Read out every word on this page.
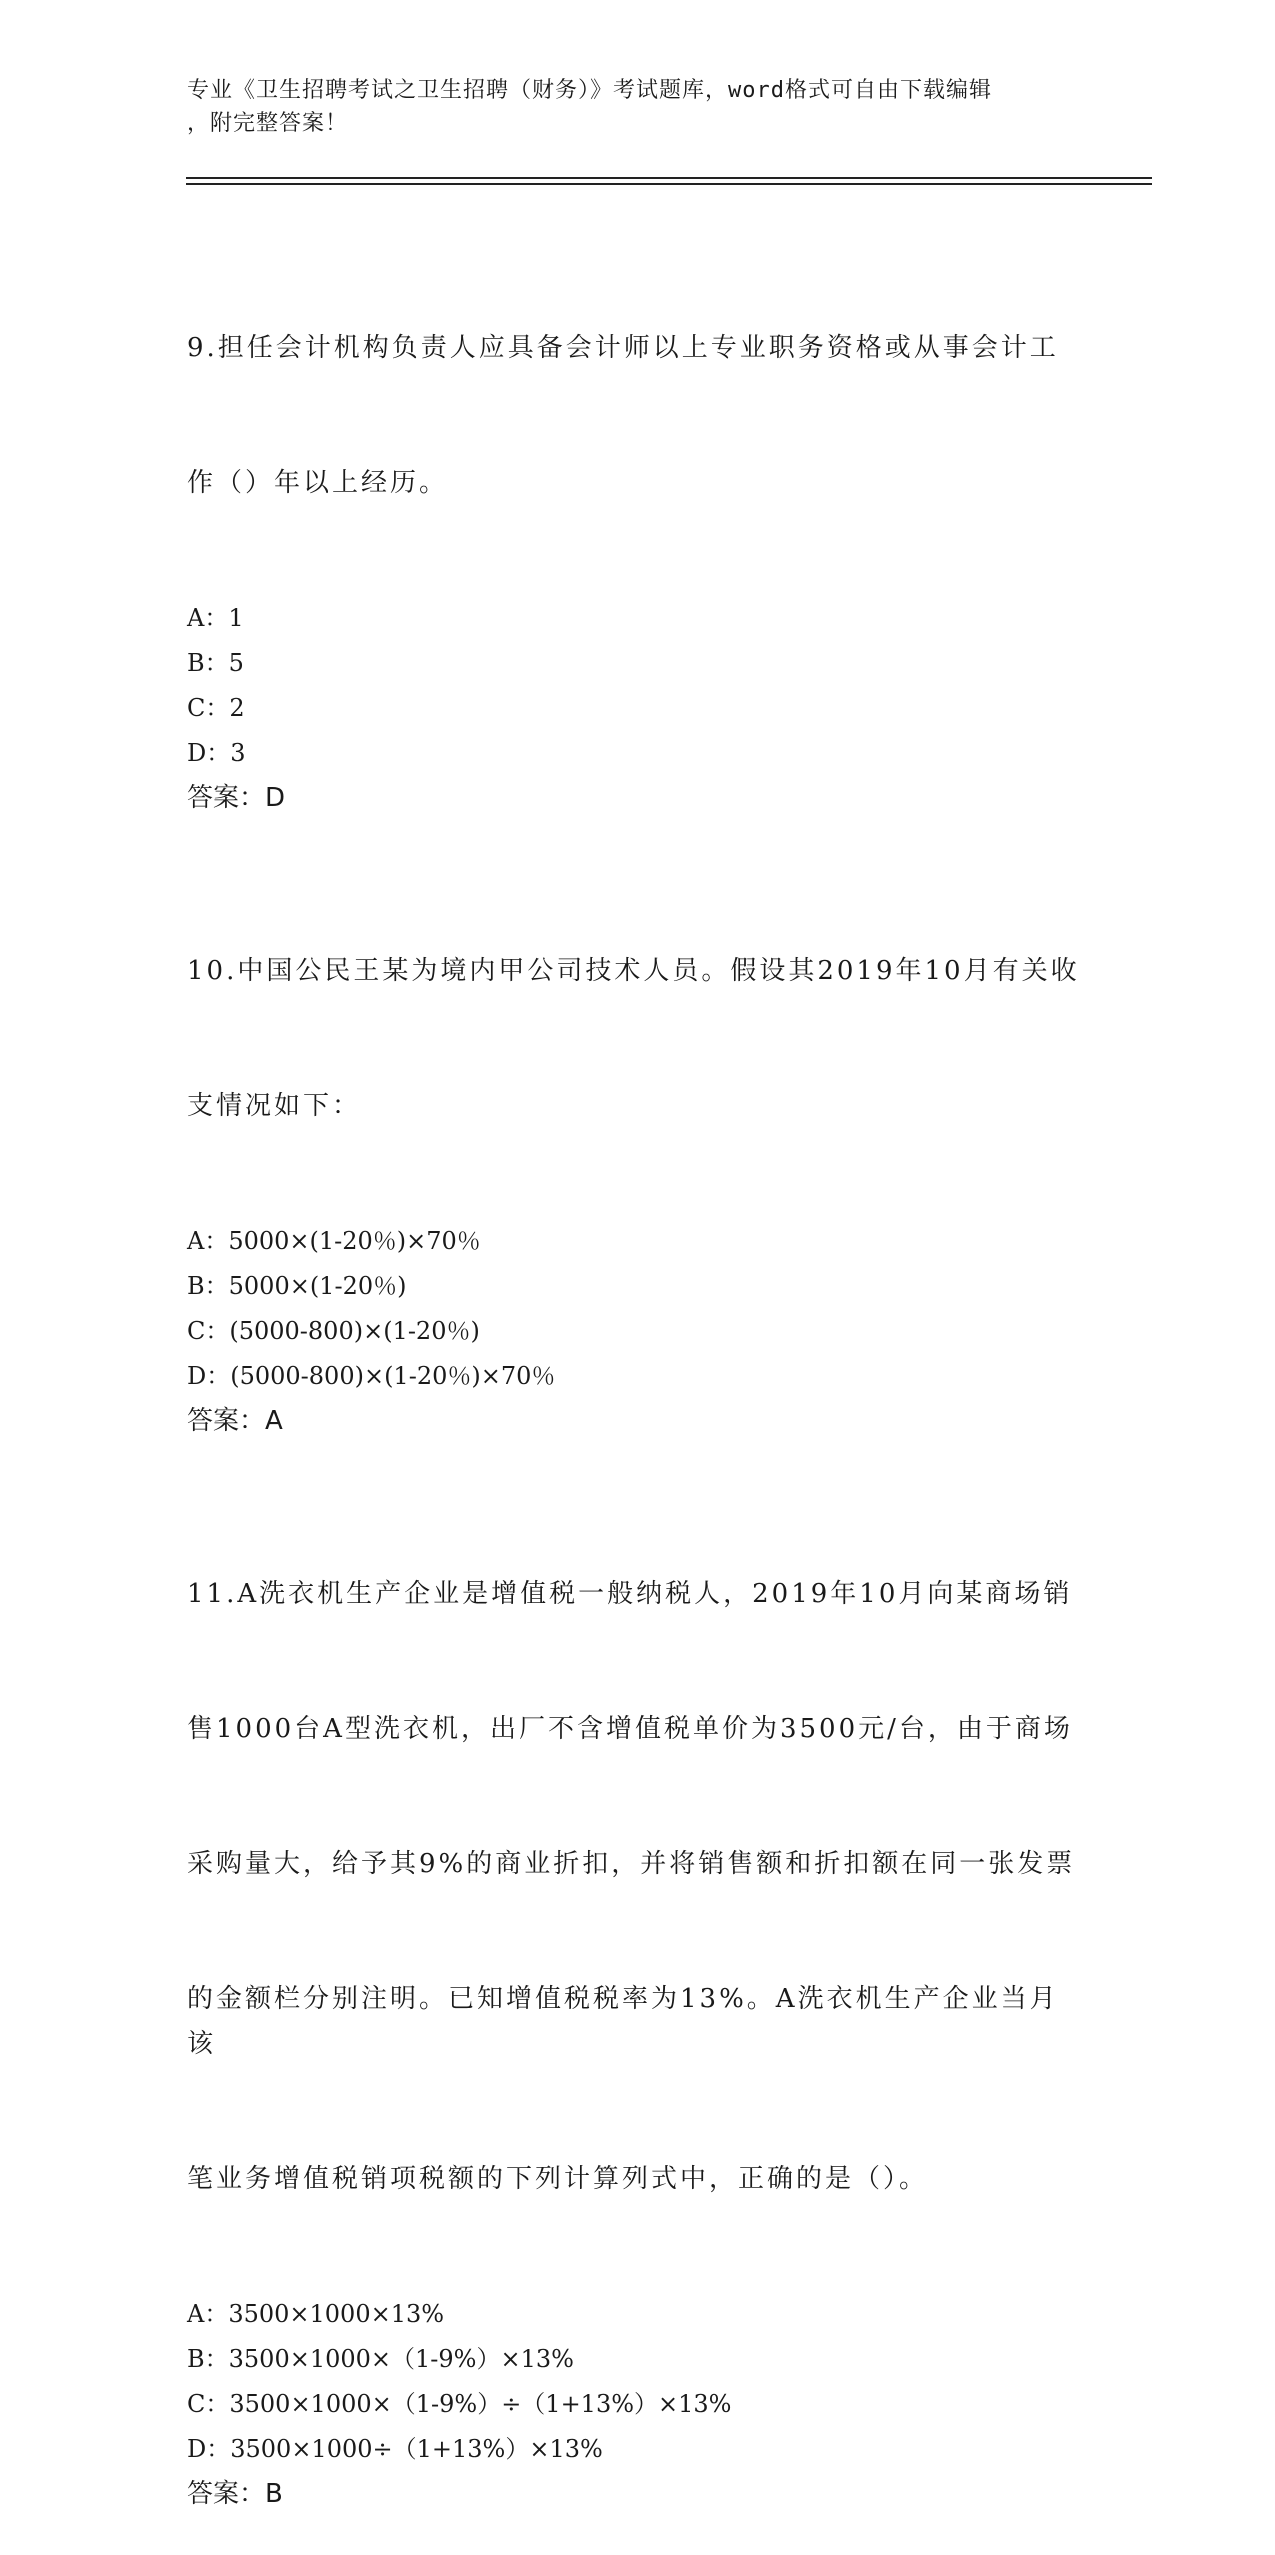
专业《卫生招聘考试之卫生招聘（财务）》考试题库，word格式可自由下载编辑
，附完整答案！

9.担任会计机构负责人应具备会计师以上专业职务资格或从事会计工

作（）年以上经历。

A：1
B：5
C：2
D：3
答案：D

10.中国公民王某为境内甲公司技术人员。假设其2019年10月有关收

支情况如下：

A：5000×(1-20％)×70％
B：5000×(1-20％)
C：(5000-800)×(1-20％)
D：(5000-800)×(1-20％)×70％
答案：A

11.A洗衣机生产企业是增值税一般纳税人，2019年10月向某商场销

售1000台A型洗衣机，出厂不含增值税单价为3500元/台，由于商场

采购量大，给予其9%的商业折扣，并将销售额和折扣额在同一张发票

的金额栏分别注明。已知增值税税率为13%。A洗衣机生产企业当月该

笔业务增值税销项税额的下列计算列式中，正确的是（）。

A：3500×1000×13%
B：3500×1000×（1-9%）×13%
C：3500×1000×（1-9%）÷（1+13%）×13%
D：3500×1000÷（1+13%）×13%
答案：B
